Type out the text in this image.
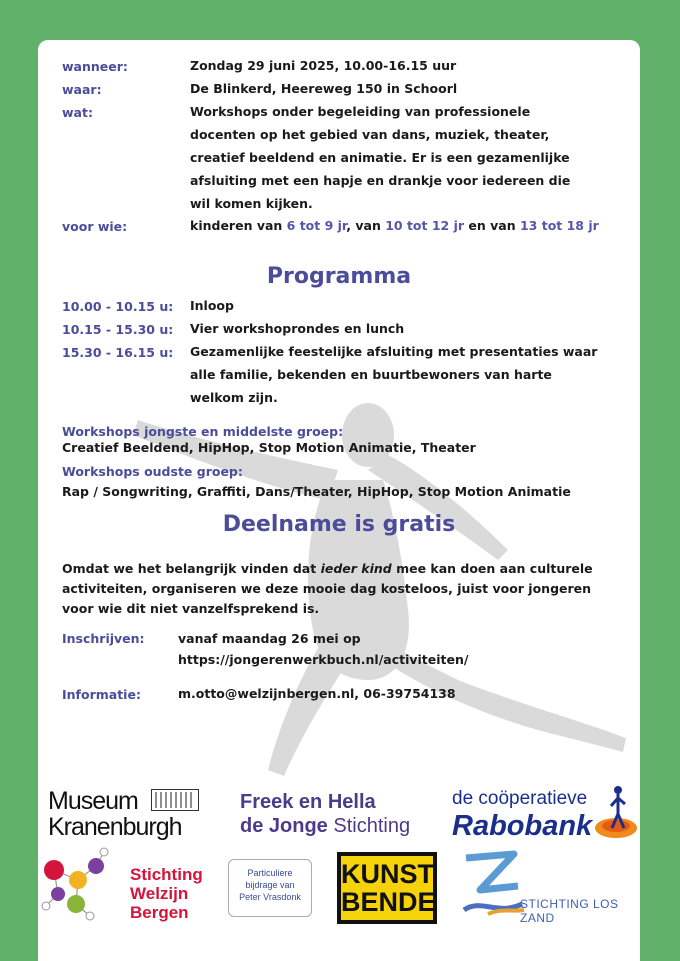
wanneer:	Zondag 29 juni 2025, 10.00-16.15 uur
waar:	De Blinkerd, Heereweg 150 in Schoorl
wat:	Workshops onder begeleiding van professionele
docenten op het gebied van dans, muziek, theater,
creatief beeldend en animatie. Er is een gezamenlijke
afsluiting met een hapje en drankje voor iedereen die
wil komen kijken.
voor wie:	kinderen van 6 tot 9 jr, van 10 tot 12 jr en van 13 tot 18 jr
Programma
10.00 - 10.15 u: Inloop
10.15 - 15.30 u: Vier workshoprondes en lunch
15.30 - 16.15 u: Gezamenlijke feestelijke afsluiting met presentaties waar
alle familie, bekenden en buurtbewoners van harte
welkom zijn.
Workshops jongste en middelste groep:
Creatief Beeldend, HipHop, Stop Motion Animatie, Theater
Workshops oudste groep:
Rap / Songwriting, Graffiti, Dans/Theater, HipHop, Stop Motion Animatie
Deelname is gratis
Omdat we het belangrijk vinden dat ieder kind mee kan doen aan culturele
activiteiten, organiseren we deze mooie dag kosteloos, juist voor jongeren
voor wie dit niet vanzelfsprekend is.
Inschrijven:	vanaf maandag 26 mei op
https://jongerenwerkbuch.nl/activiteiten/
Informatie:	m.otto@welzijnbergen.nl, 06-39754138
Museum
Kranenburgh
Freek en Hella
de Jonge Stichting
de coöperatieve
Rabobank
Stichting
Welzijn
Bergen
Particuliere
bijdrage van
Peter Vrasdonk
KUNST
BENDE	STICHTING LOS ZAND
